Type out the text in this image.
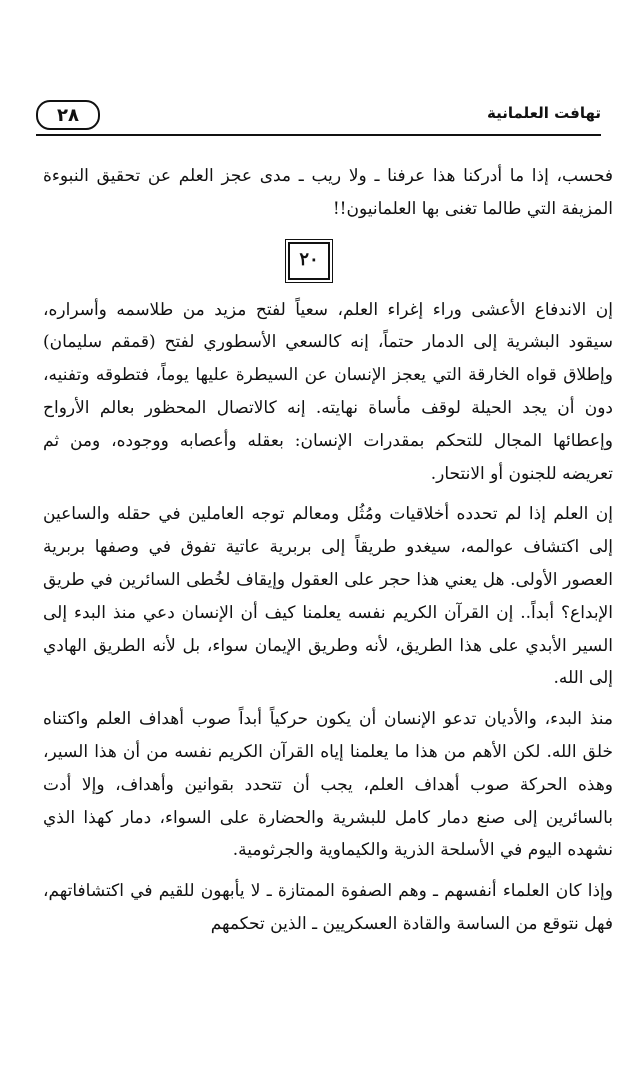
٢٨	تهافت العلمانية

فحسب، إذا ما أدركنا هذا عرفنا ـ ولا ريب ـ مدى عجز العلم عن تحقيق النبوءة المزيفة التي طالما تغنى بها العلمانيون!!

٢٠

إن الاندفاع الأعشى وراء إغراء العلم، سعياً لفتح مزيد من طلاسمه وأسراره، سيقود البشرية إلى الدمار حتماً، إنه كالسعي الأسطوري لفتح (قمقم سليمان) وإطلاق قواه الخارقة التي يعجز الإنسان عن السيطرة عليها يوماً، فتطوقه وتفنيه، دون أن يجد الحيلة لوقف مأساة نهايته. إنه كالاتصال المحظور بعالم الأرواح وإعطائها المجال للتحكم بمقدرات الإنسان: بعقله وأعصابه ووجوده، ومن ثم تعريضه للجنون أو الانتحار.

إن العلم إذا لم تحدده أخلاقيات ومُثُل ومعالم توجه العاملين في حقله والساعين إلى اكتشاف عوالمه، سيغدو طريقاً إلى بربرية عاتية تفوق في وصفها بربرية العصور الأولى. هل يعني هذا حجر على العقول وإيقاف لخُطى السائرين في طريق الإبداع؟ أبداً.. إن القرآن الكريم نفسه يعلمنا كيف أن الإنسان دعي منذ البدء إلى السير الأبدي على هذا الطريق، لأنه وطريق الإيمان سواء، بل لأنه الطريق الهادي إلى الله.

منذ البدء، والأديان تدعو الإنسان أن يكون حركياً أبداً صوب أهداف العلم واكتناه خلق الله. لكن الأهم من هذا ما يعلمنا إياه القرآن الكريم نفسه من أن هذا السير، وهذه الحركة صوب أهداف العلم، يجب أن تتحدد بقوانين وأهداف، وإلا أدت بالسائرين إلى صنع دمار كامل للبشرية والحضارة على السواء، دمار كهذا الذي نشهده اليوم في الأسلحة الذرية والكيماوية والجرثومية.

وإذا كان العلماء أنفسهم ـ وهم الصفوة الممتازة ـ لا يأبهون للقيم في اكتشافاتهم، فهل نتوقع من الساسة والقادة العسكريين ـ الذين تحكمهم
